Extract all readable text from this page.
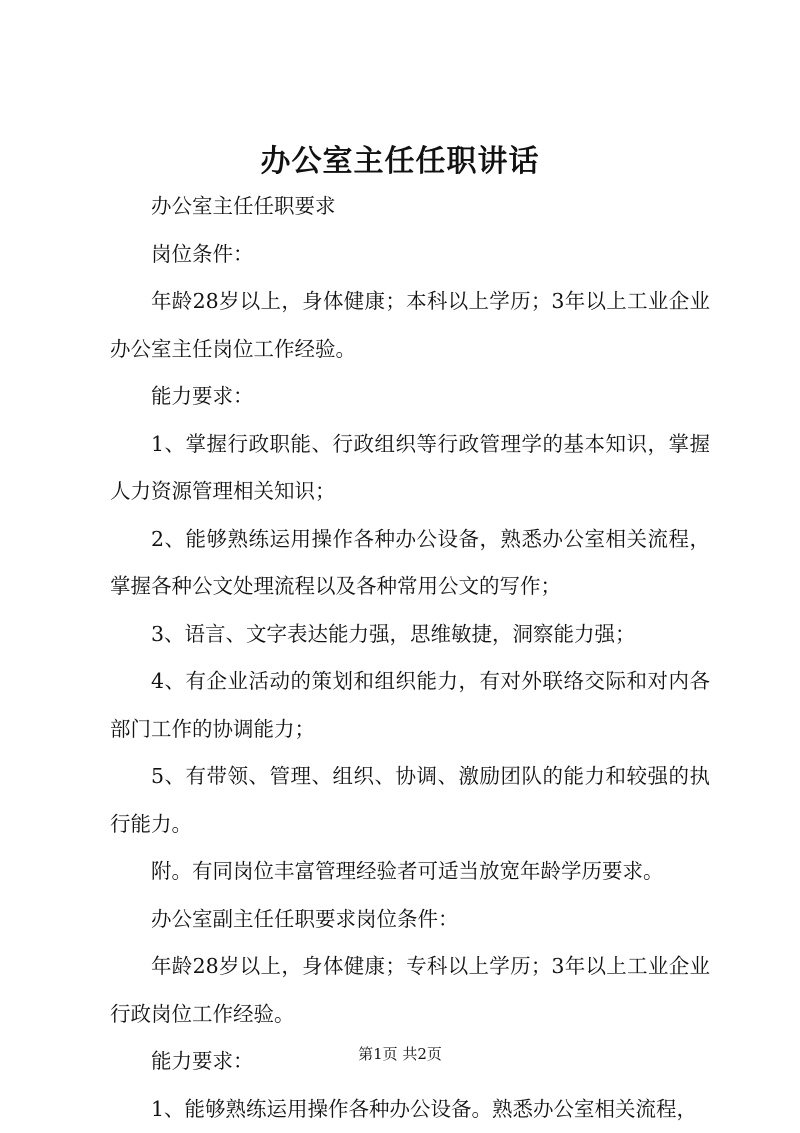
办公室主任任职讲话

办公室主任任职要求

岗位条件：

年龄28岁以上，身体健康；本科以上学历；3年以上工业企业办公室主任岗位工作经验。

能力要求：

1、掌握行政职能、行政组织等行政管理学的基本知识，掌握人力资源管理相关知识；

2、能够熟练运用操作各种办公设备，熟悉办公室相关流程，掌握各种公文处理流程以及各种常用公文的写作；

3、语言、文字表达能力强，思维敏捷，洞察能力强；

4、有企业活动的策划和组织能力，有对外联络交际和对内各部门工作的协调能力；

5、有带领、管理、组织、协调、激励团队的能力和较强的执行能力。

附。有同岗位丰富管理经验者可适当放宽年龄学历要求。

办公室副主任任职要求岗位条件：

年龄28岁以上，身体健康；专科以上学历；3年以上工业企业行政岗位工作经验。

能力要求：

1、能够熟练运用操作各种办公设备。熟悉办公室相关流程，

第1页 共2页
